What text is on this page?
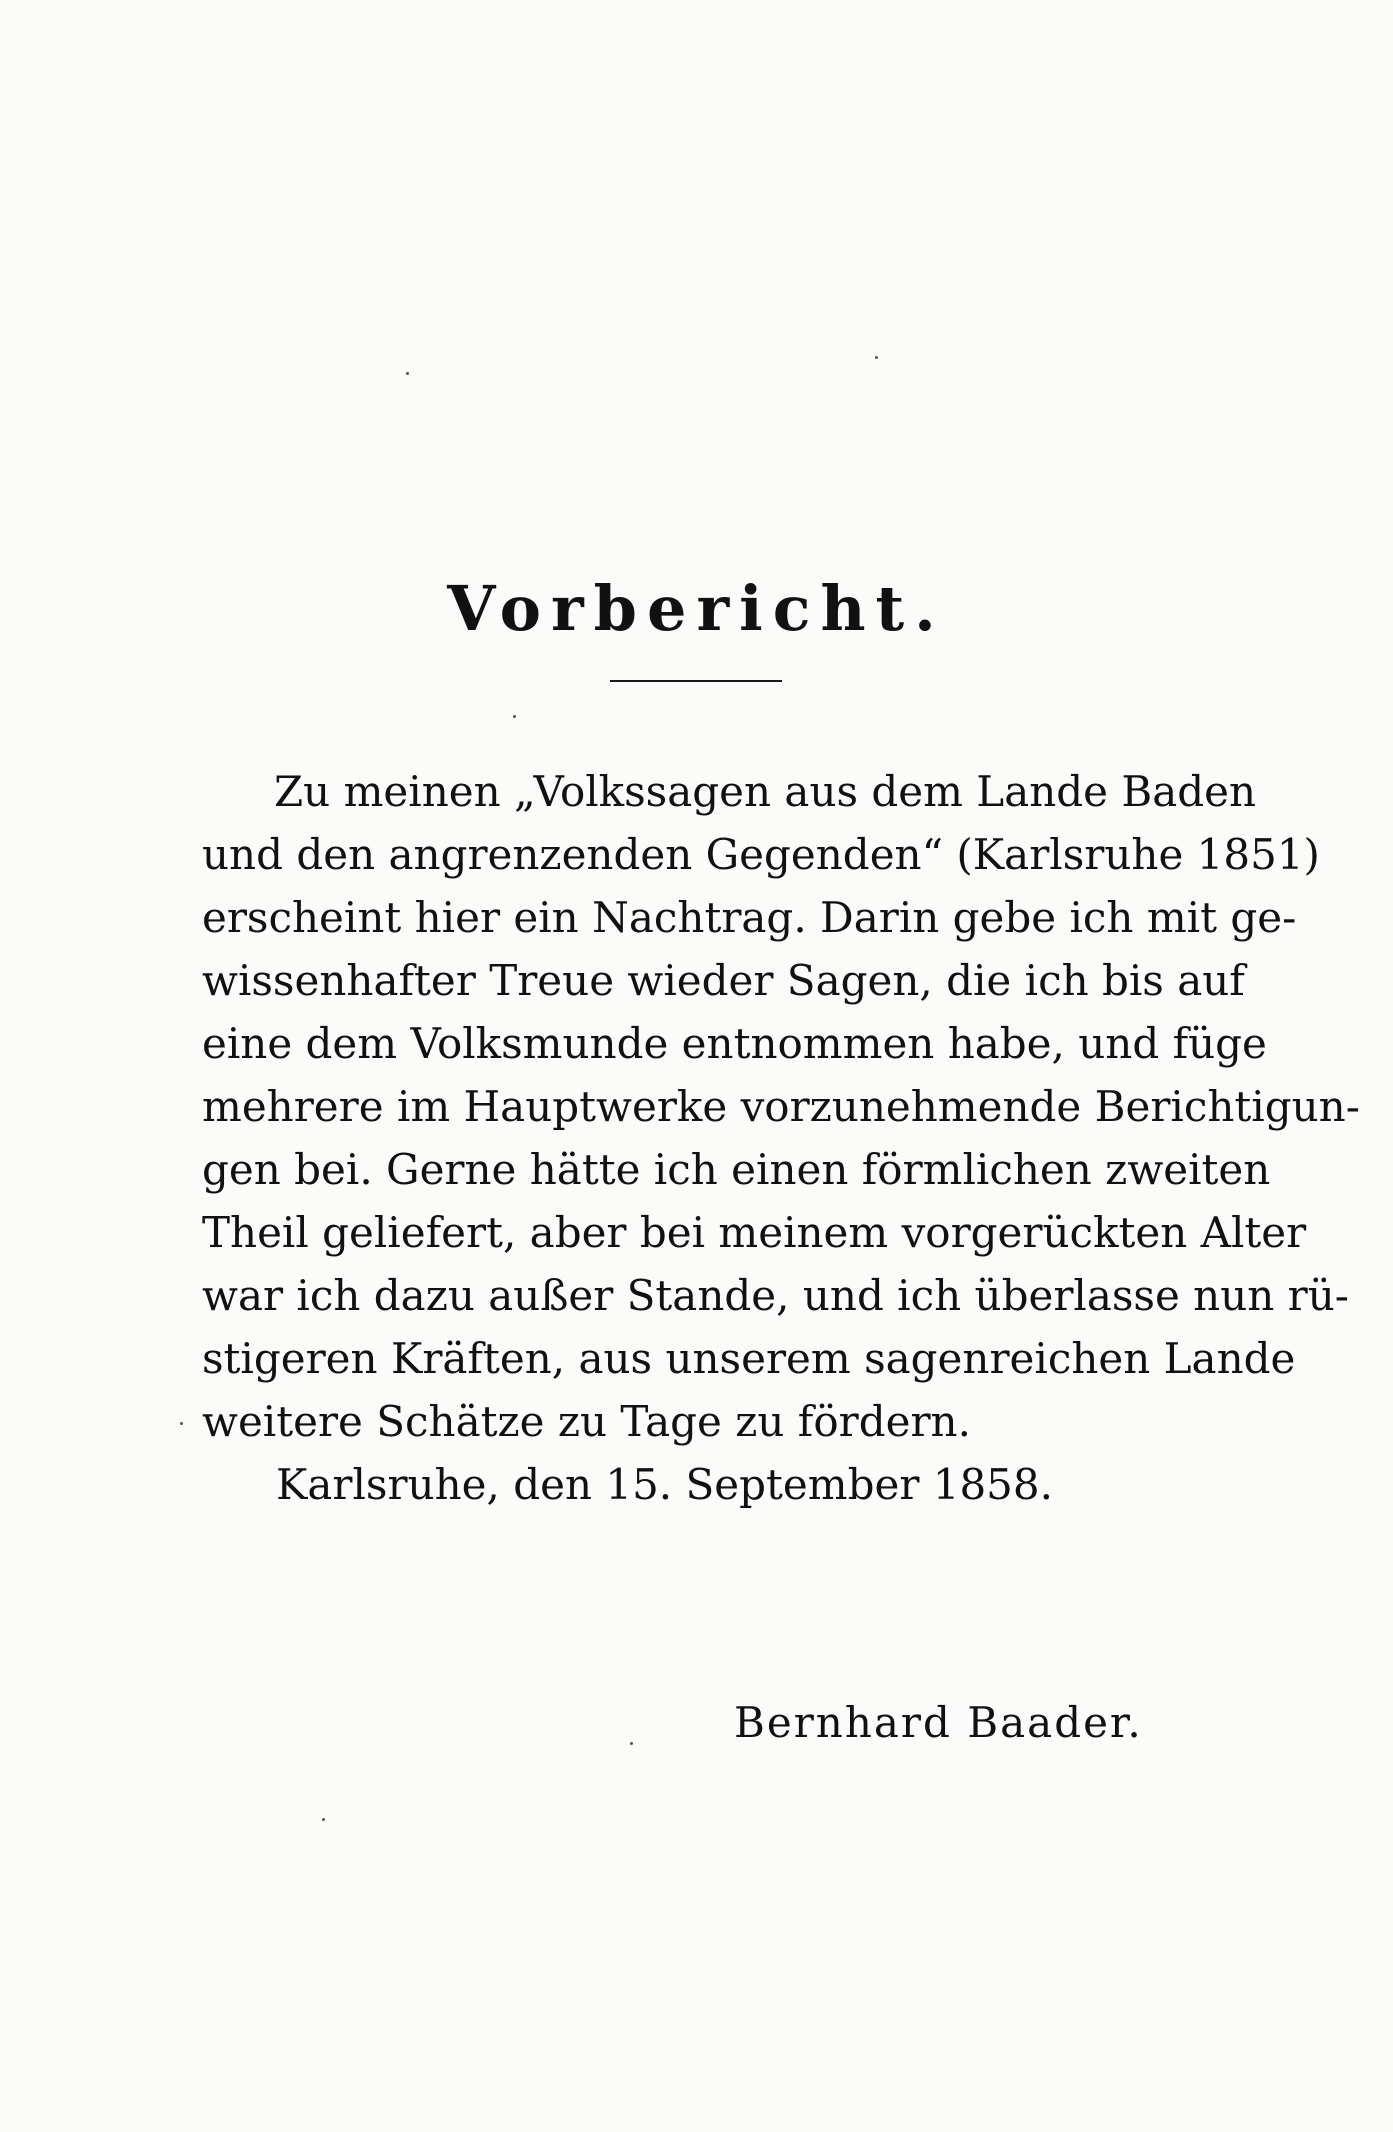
Vorbericht.
Zu meinen „Volkssagen aus dem Lande Baden
und den angrenzenden Gegenden“ (Karlsruhe 1851)
erscheint hier ein Nachtrag. Darin gebe ich mit ge-
wissenhafter Treue wieder Sagen, die ich bis auf
eine dem Volksmunde entnommen habe, und füge
mehrere im Hauptwerke vorzunehmende Berichtigun-
gen bei. Gerne hätte ich einen förmlichen zweiten
Theil geliefert, aber bei meinem vorgerückten Alter
war ich dazu außer Stande, und ich überlasse nun rü-
stigeren Kräften, aus unserem sagenreichen Lande
weitere Schätze zu Tage zu fördern.
Karlsruhe, den 15. September 1858.
Bernhard Baader.
